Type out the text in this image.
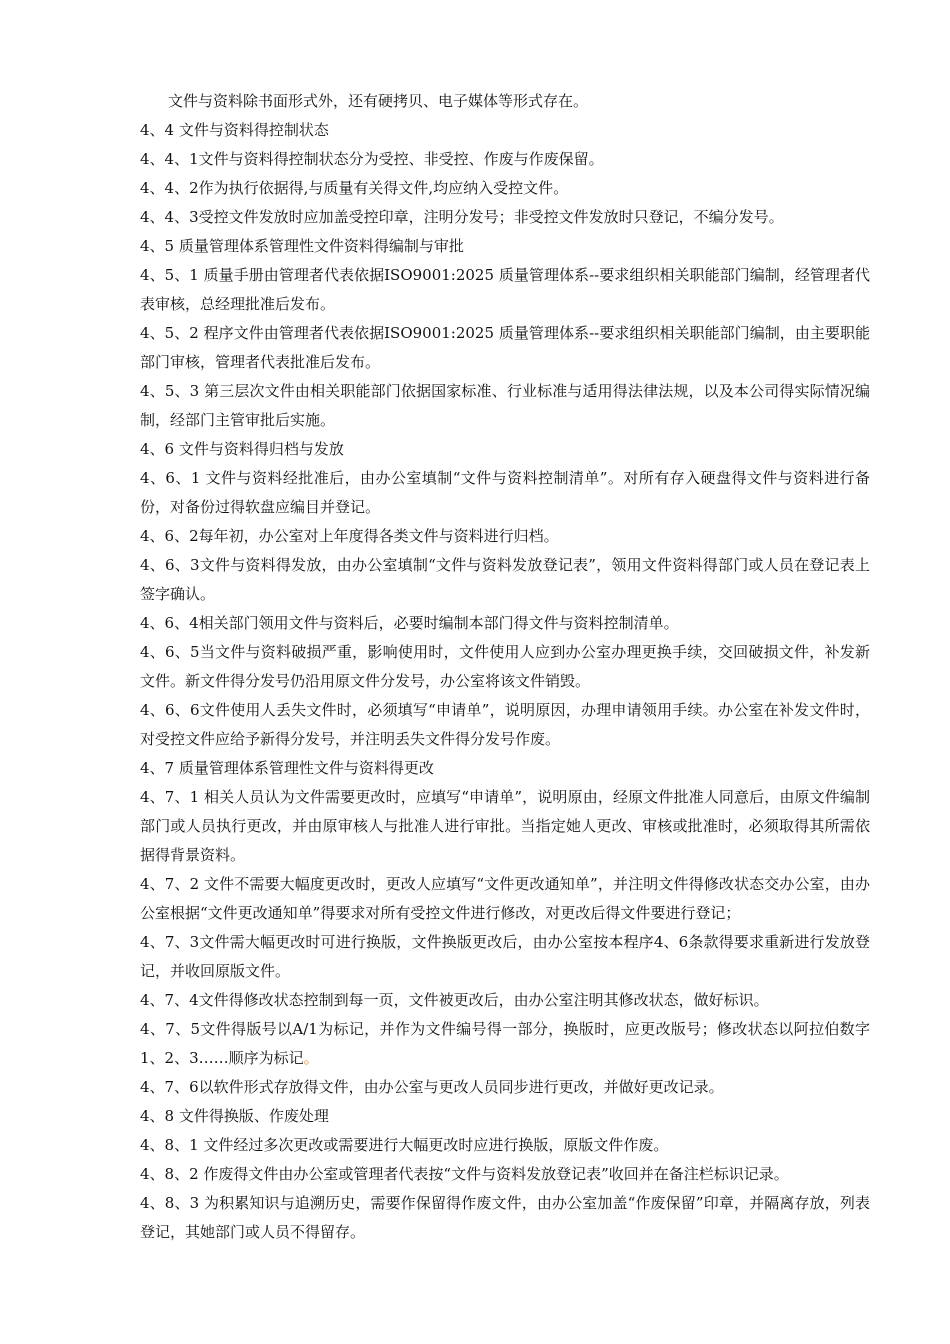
文件与资料除书面形式外，还有硬拷贝、电子媒体等形式存在。

4、4 文件与资料得控制状态

4、4、1文件与资料得控制状态分为受控、非受控、作废与作废保留。

4、4、2作为执行依据得,与质量有关得文件,均应纳入受控文件。

4、4、3受控文件发放时应加盖受控印章，注明分发号；非受控文件发放时只登记，不编分发号。

4、5 质量管理体系管理性文件资料得编制与审批

4、5、1 质量手册由管理者代表依据ISO9001:2025 质量管理体系--要求组织相关职能部门编制，经管理者代表审核，总经理批准后发布。

4、5、2 程序文件由管理者代表依据ISO9001:2025 质量管理体系--要求组织相关职能部门编制，由主要职能部门审核，管理者代表批准后发布。

4、5、3 第三层次文件由相关职能部门依据国家标准、行业标准与适用得法律法规，以及本公司得实际情况编制，经部门主管审批后实施。

4、6 文件与资料得归档与发放

4、6、1 文件与资料经批准后，由办公室填制“文件与资料控制清单”。对所有存入硬盘得文件与资料进行备份，对备份过得软盘应编目并登记。

4、6、2每年初，办公室对上年度得各类文件与资料进行归档。

4、6、3文件与资料得发放，由办公室填制“文件与资料发放登记表”，领用文件资料得部门或人员在登记表上签字确认。

4、6、4相关部门领用文件与资料后，必要时编制本部门得文件与资料控制清单。

4、6、5当文件与资料破损严重，影响使用时，文件使用人应到办公室办理更换手续，交回破损文件，补发新文件。新文件得分发号仍沿用原文件分发号，办公室将该文件销毁。

4、6、6文件使用人丢失文件时，必须填写“申请单”，说明原因，办理申请领用手续。办公室在补发文件时，对受控文件应给予新得分发号，并注明丢失文件得分发号作废。

4、7 质量管理体系管理性文件与资料得更改

4、7、1 相关人员认为文件需要更改时，应填写“申请单”，说明原由，经原文件批准人同意后，由原文件编制部门或人员执行更改，并由原审核人与批准人进行审批。当指定她人更改、审核或批准时，必须取得其所需依据得背景资料。

4、7、2 文件不需要大幅度更改时，更改人应填写“文件更改通知单”，并注明文件得修改状态交办公室，由办公室根据“文件更改通知单”得要求对所有受控文件进行修改，对更改后得文件要进行登记；

4、7、3文件需大幅更改时可进行换版，文件换版更改后，由办公室按本程序4、6条款得要求重新进行发放登记，并收回原版文件。

4、7、4文件得修改状态控制到每一页，文件被更改后，由办公室注明其修改状态，做好标识。

4、7、5文件得版号以A/1为标记，并作为文件编号得一部分，换版时，应更改版号；修改状态以阿拉伯数字1、2、3……顺序为标记。

4、7、6以软件形式存放得文件，由办公室与更改人员同步进行更改，并做好更改记录。

4、8 文件得换版、作废处理

4、8、1 文件经过多次更改或需要进行大幅更改时应进行换版，原版文件作废。

4、8、2 作废得文件由办公室或管理者代表按“文件与资料发放登记表”收回并在备注栏标识记录。

4、8、3 为积累知识与追溯历史，需要作保留得作废文件，由办公室加盖“作废保留”印章，并隔离存放，列表登记，其她部门或人员不得留存。
